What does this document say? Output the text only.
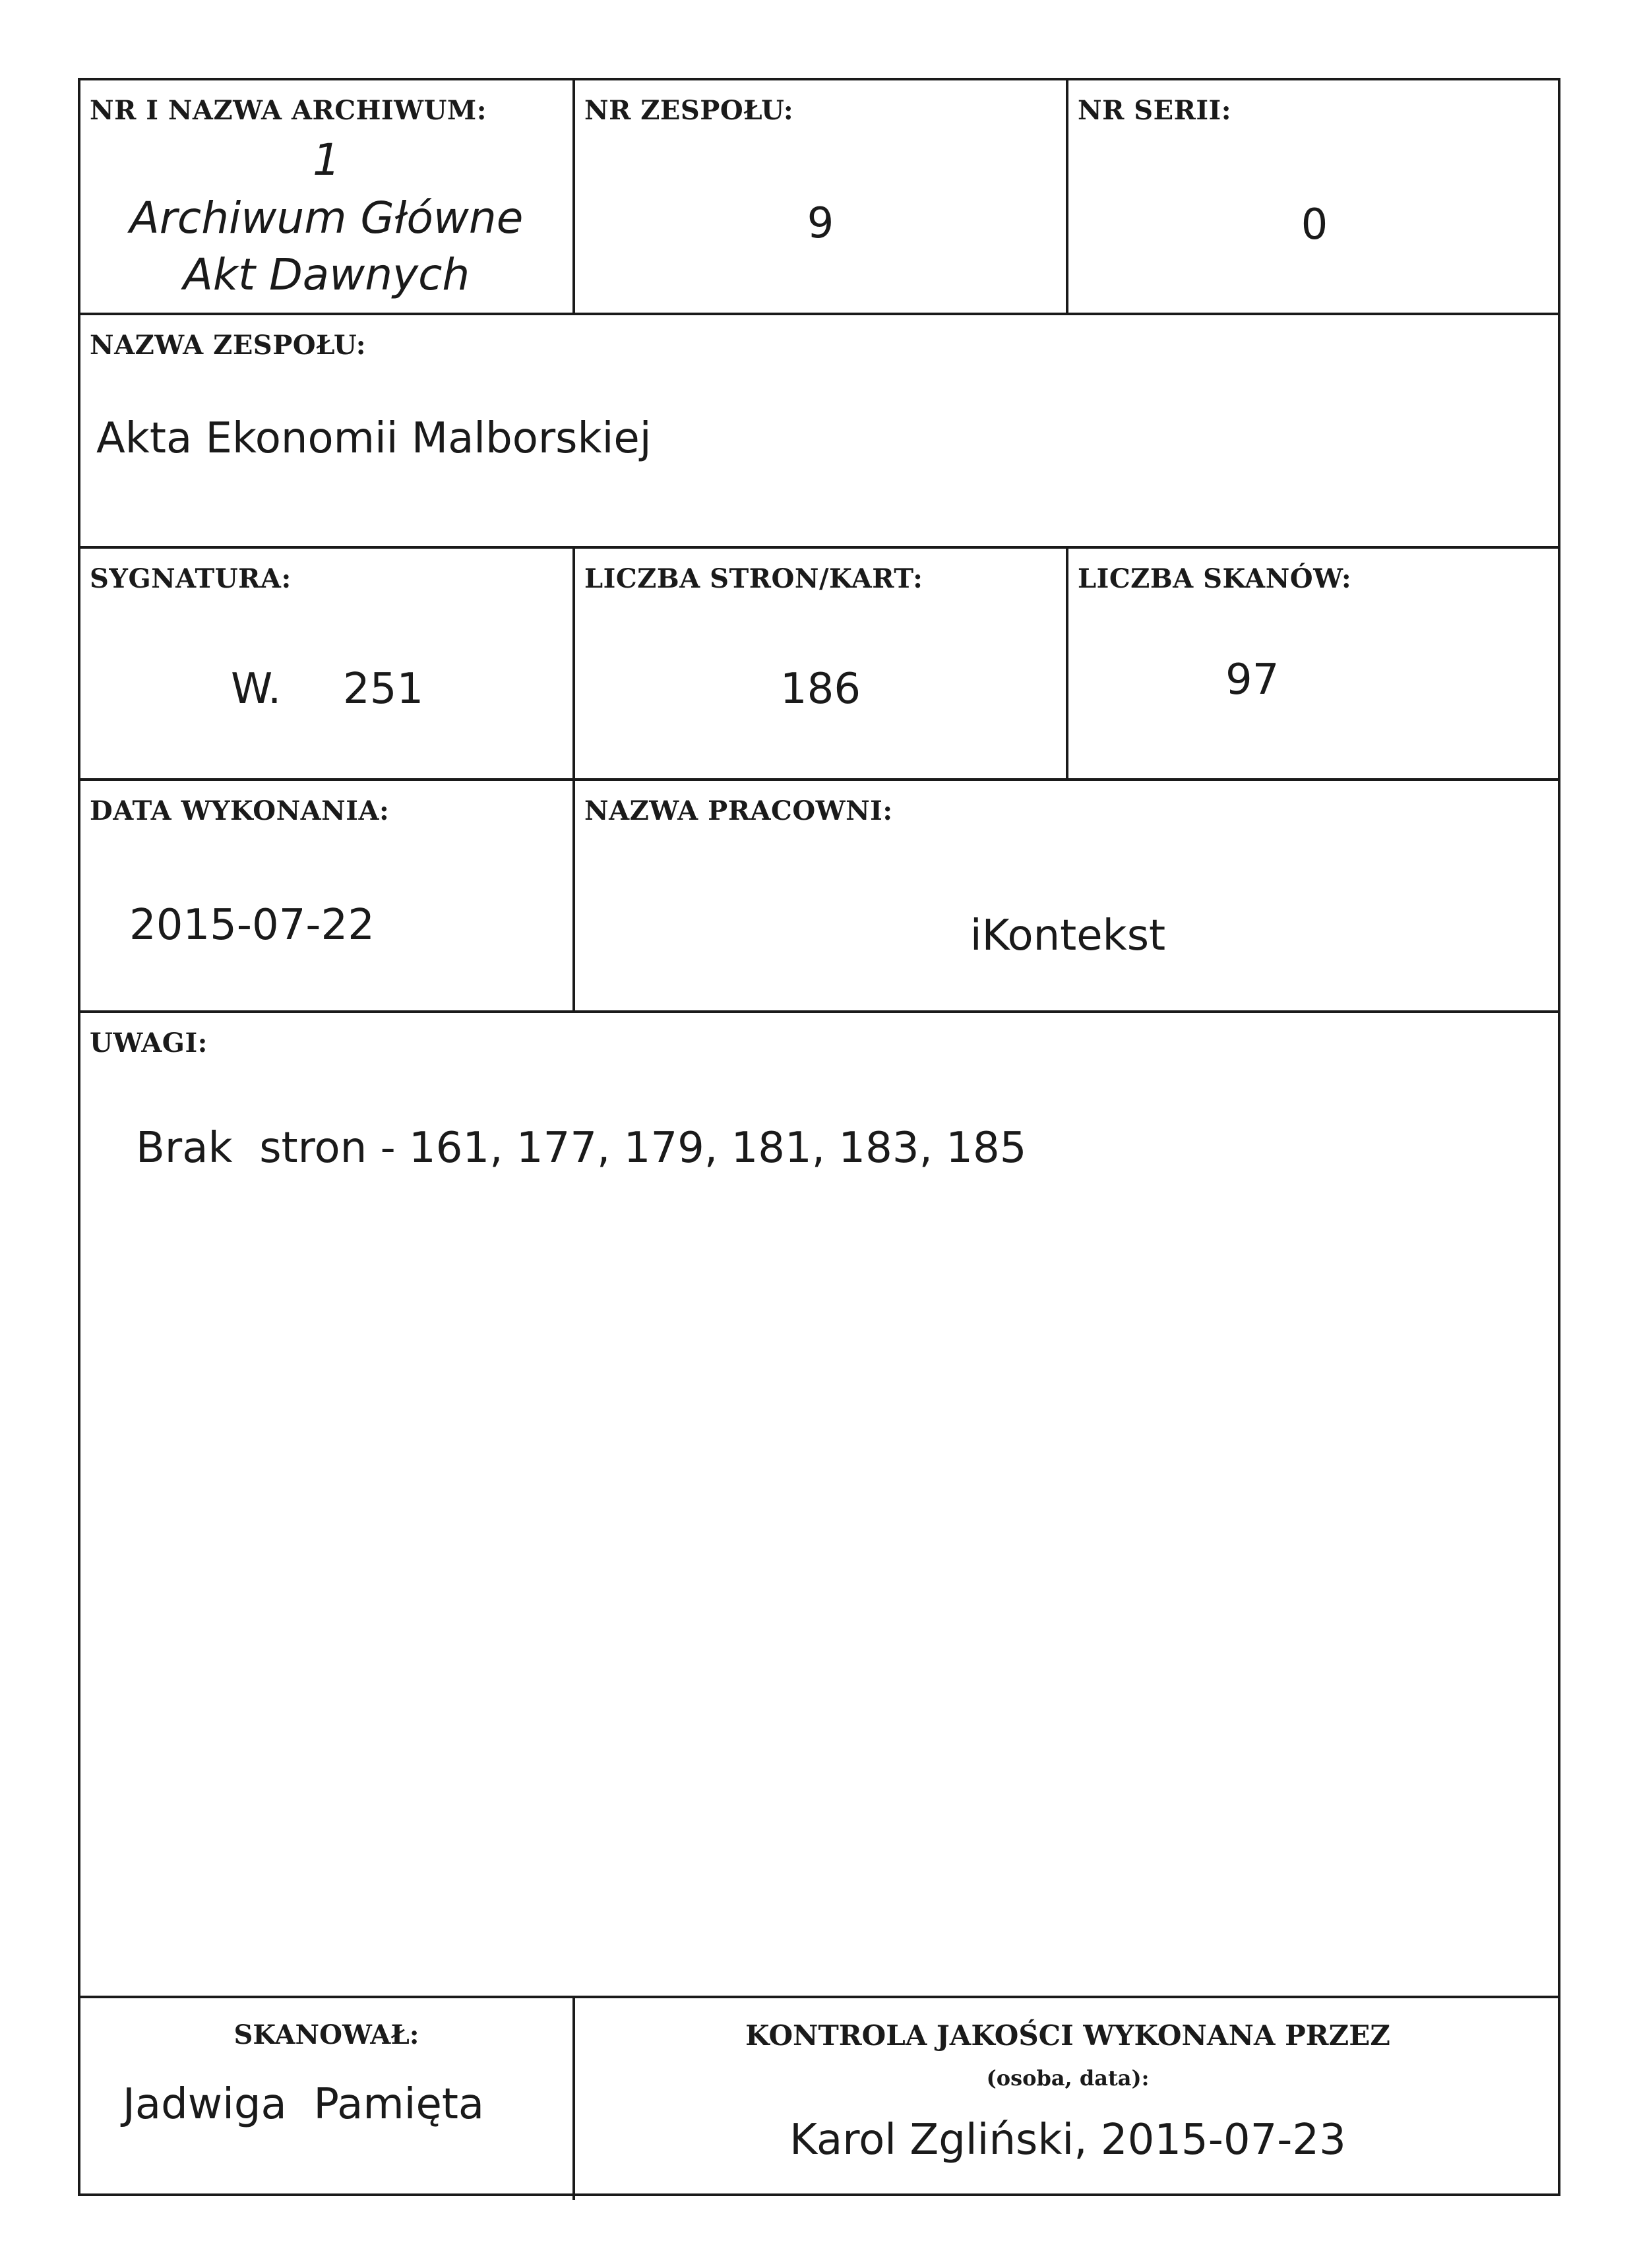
NR I NAZWA ARCHIWUM:
1
Archiwum Główne
Akt Dawnych
NR ZESPOŁU:
9
NR SERII:
0
NAZWA ZESPOŁU:
Akta Ekonomii Malborskiej
SYGNATURA:
W. 251
LICZBA STRON/KART:
186
LICZBA SKANÓW:
97
DATA WYKONANIA:
2015-07-22
NAZWA PRACOWNI:
iKontekst
UWAGI:
Brak  stron - 161, 177, 179, 181, 183, 185
SKANOWAŁ:
Jadwiga  Pamięta
KONTROLA JAKOŚCI WYKONANA PRZEZ
(osoba, data):
Karol Zgliński, 2015-07-23
